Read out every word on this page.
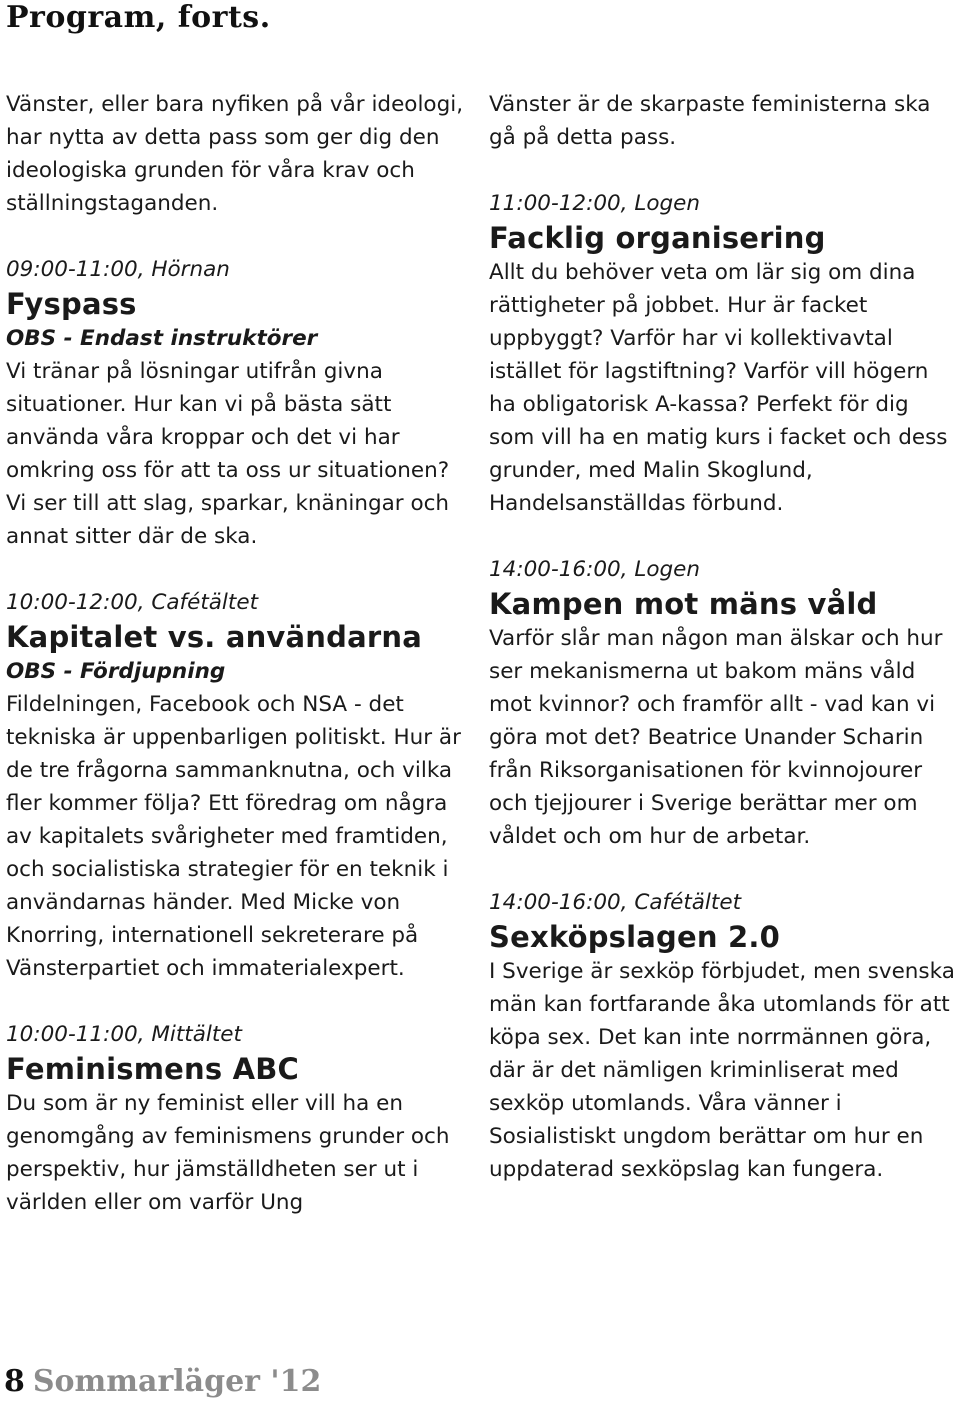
Program, forts.

Vänster, eller bara nyfiken på vår ideologi, har nytta av detta pass som ger dig den ideologiska grunden för våra krav och ställningstaganden.

09:00-11:00, Hörnan
Fyspass
OBS - Endast instruktörer
Vi tränar på lösningar utifrån givna situationer. Hur kan vi på bästa sätt använda våra kroppar och det vi har omkring oss för att ta oss ur situationen? Vi ser till att slag, sparkar, knäningar och annat sitter där de ska.
10:00-12:00, Cafétältet
Kapitalet vs. användarna
OBS - Fördjupning
Fildelningen, Facebook och NSA - det tekniska är uppenbarligen politiskt. Hur är de tre frågorna sammanknutna, och vilka fler kommer följa? Ett föredrag om några av kapitalets svårigheter med framtiden, och socialistiska strategier för en teknik i användarnas händer. Med Micke von Knorring, internationell sekreterare på Vänsterpartiet och immaterialexpert.
10:00-11:00, Mittältet
Feminismens ABC
Du som är ny feminist eller vill ha en genomgång av feminismens grunder och perspektiv, hur jämställdheten ser ut i världen eller om varför Ung

Vänster är de skarpaste feministerna ska gå på detta pass.

11:00-12:00, Logen
Facklig organisering
Allt du behöver veta om lär sig om dina rättigheter på jobbet. Hur är facket uppbyggt? Varför har vi kollektivavtal istället för lagstiftning? Varför vill högern ha obligatorisk A-kassa? Perfekt för dig som vill ha en matig kurs i facket och dess grunder, med Malin Skoglund, Handelsanställdas förbund.
14:00-16:00, Logen
Kampen mot mäns våld
Varför slår man någon man älskar och hur ser mekanismerna ut bakom mäns våld mot kvinnor? och framför allt - vad kan vi göra mot det? Beatrice Unander Scharin från Riksorganisationen för kvinnojourer och tjejjourer i Sverige berättar mer om våldet och om hur de arbetar.
14:00-16:00, Cafétältet
Sexköpslagen 2.0
I Sverige är sexköp förbjudet, men svenska män kan fortfarande åka utomlands för att köpa sex. Det kan inte norrmännen göra, där är det nämligen kriminliserat med sexköp utomlands. Våra vänner i Sosialistiskt ungdom berättar om hur en uppdaterad sexköpslag kan fungera.
8 Sommarläger '12
